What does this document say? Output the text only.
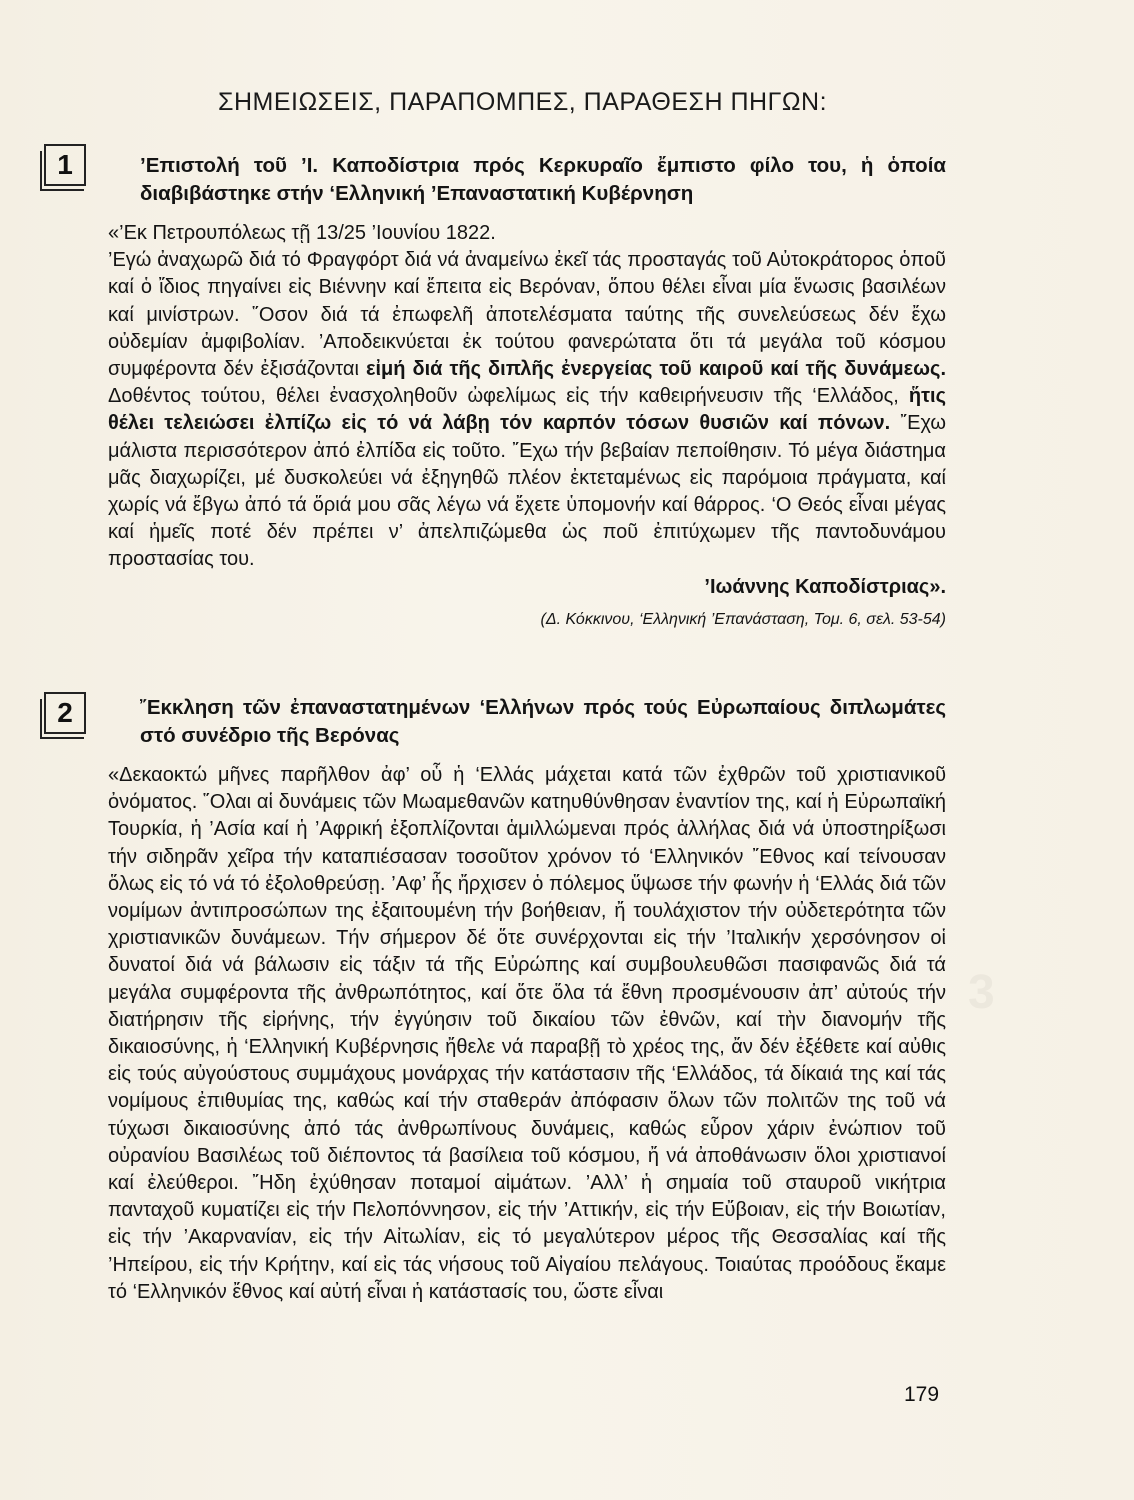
3
ΣΗΜΕΙΩΣΕΙΣ, ΠΑΡΑΠΟΜΠΕΣ, ΠΑΡΑΘΕΣΗ ΠΗΓΩΝ:
1	’Επιστολή τοῦ ’Ι. Καποδίστρια πρός Κερκυραῖο ἔμπιστο φίλο του, ἡ ὁποία διαβιβάστηκε στήν ‘Ελληνική ’Επαναστατική Κυβέρνηση

«’Εκ Πετρουπόλεως τῇ 13/25 ’Ιουνίου 1822.

’Εγώ ἀναχωρῶ διά τό Φραγφόρτ διά νά ἀναμείνω ἐκεῖ τάς προσταγάς τοῦ Αὐτοκράτορος ὁποῦ καί ὁ ἴδιος πηγαίνει εἰς Βιέννην καί ἔπειτα εἰς Βερόναν, ὅπου θέλει εἶναι μία ἕνωσις βασιλέων καί μινίστρων. ῞Οσον διά τά ἐπωφελῆ ἀποτελέσματα ταύτης τῆς συνελεύσεως δέν ἔχω οὐδεμίαν ἀμφιβολίαν. ’Αποδεικνύεται ἐκ τούτου φανερώτατα ὅτι τά μεγάλα τοῦ κόσμου συμφέροντα δέν ἐξισάζονται εἰμή διά τῆς διπλῆς ἐνεργείας τοῦ καιροῦ καί τῆς δυνάμεως. Δοθέντος τούτου, θέλει ἐνασχοληθοῦν ὠφελίμως εἰς τήν καθειρήνευσιν τῆς ‘Ελλάδος, ἥτις θέλει τελειώσει ἐλπίζω εἰς τό νά λάβῃ τόν καρπόν τόσων θυσιῶν καί πόνων. ῎Εχω μάλιστα περισσότερον ἀπό ἐλπίδα εἰς τοῦτο. ῎Εχω τήν βεβαίαν πεποίθησιν. Τό μέγα διάστημα μᾶς διαχωρίζει, μέ δυσκολεύει νά ἐξηγηθῶ πλέον ἐκτεταμένως εἰς παρόμοια πράγματα, καί χωρίς νά ἔβγω ἀπό τά ὅριά μου σᾶς λέγω νά ἔχετε ὑπομονήν καί θάρρος. ‘Ο Θεός εἶναι μέγας καί ἡμεῖς ποτέ δέν πρέπει ν’ ἀπελπιζώμεθα ὡς ποῦ ἐπιτύχωμεν τῆς παντοδυνάμου προστασίας του.

’Ιωάννης Καποδίστριας».
(Δ. Κόκκινου, ‘Ελληνική ’Επανάσταση, Τομ. 6, σελ. 53-54)
2	῎Εκκληση τῶν ἐπαναστατημένων ‘Ελλήνων πρός τούς Εὐρωπαίους διπλωμάτες στό συνέδριο τῆς Βερόνας

«Δεκαοκτώ μῆνες παρῆλθον ἀφ’ οὗ ἡ ‘Ελλάς μάχεται κατά τῶν ἐχθρῶν τοῦ χριστιανικοῦ ὀνόματος. ῞Ολαι αἱ δυνάμεις τῶν Μωαμεθανῶν κατηυθύνθησαν ἐναντίον της, καί ἡ Εὐρωπαϊκή Τουρκία, ἡ ’Ασία καί ἡ ’Αφρική ἐξοπλίζονται ἁμιλλώμεναι πρός ἀλλήλας διά νά ὑποστηρίξωσι τήν σιδηρᾶν χεῖρα τήν καταπιέσασαν τοσοῦτον χρόνον τό ‘Ελληνικόν ῎Εθνος καί τείνουσαν ὅλως εἰς τό νά τό ἐξολοθρεύσῃ. ’Αφ’ ἧς ἤρχισεν ὁ πόλεμος ὕψωσε τήν φωνήν ἡ ‘Ελλάς διά τῶν νομίμων ἀντιπροσώπων της ἐξαιτουμένη τήν βοήθειαν, ἤ τουλάχιστον τήν οὐδετερότητα τῶν χριστιανικῶν δυνάμεων. Τήν σήμερον δέ ὅτε συνέρχονται εἰς τήν ’Ιταλικήν χερσόνησον οἱ δυνατοί διά νά βάλωσιν εἰς τάξιν τά τῆς Εὐρώπης καί συμβουλευθῶσι πασιφανῶς διά τά μεγάλα συμφέροντα τῆς ἀνθρωπότητος, καί ὅτε ὅλα τά ἔθνη προσμένουσιν ἀπ’ αὐτούς τήν διατήρησιν τῆς εἰρήνης, τήν ἐγγύησιν τοῦ δικαίου τῶν ἐθνῶν, καί τὴν διανομήν τῆς δικαιοσύνης, ἡ ‘Ελληνική Κυβέρνησις ἤθελε νά παραβῇ τὸ χρέος της, ἄν δέν ἐξέθετε καί αὐθις εἰς τούς αὐγούστους συμμάχους μονάρχας τήν κατάστασιν τῆς ‘Ελλάδος, τά δίκαιά της καί τάς νομίμους ἐπιθυμίας της, καθώς καί τήν σταθεράν ἀπόφασιν ὅλων τῶν πολιτῶν της τοῦ νά τύχωσι δικαιοσύνης ἀπό τάς ἀνθρωπίνους δυνάμεις, καθώς εὗρον χάριν ἐνώπιον τοῦ οὐρανίου Βασιλέως τοῦ διέποντος τά βασίλεια τοῦ κόσμου, ἤ νά ἀποθάνωσιν ὅλοι χριστιανοί καί ἐλεύθεροι. ῎Ηδη ἐχύθησαν ποταμοί αἱμάτων. ’Αλλ’ ἡ σημαία τοῦ σταυροῦ νικήτρια πανταχοῦ κυματίζει εἰς τήν Πελοπόννησον, εἰς τήν ’Αττικήν, εἰς τήν Εὔβοιαν, εἰς τήν Βοιωτίαν, εἰς τήν ’Ακαρνανίαν, εἰς τήν Αἰτωλίαν, εἰς τό μεγαλύτερον μέρος τῆς Θεσσαλίας καί τῆς ’Ηπείρου, εἰς τήν Κρήτην, καί εἰς τάς νήσους τοῦ Αἰγαίου πελάγους. Τοιαύτας προόδους ἔκαμε τό ‘Ελληνικόν ἔθνος καί αὐτή εἶναι ἡ κατάστασίς του, ὥστε εἶναι

179
